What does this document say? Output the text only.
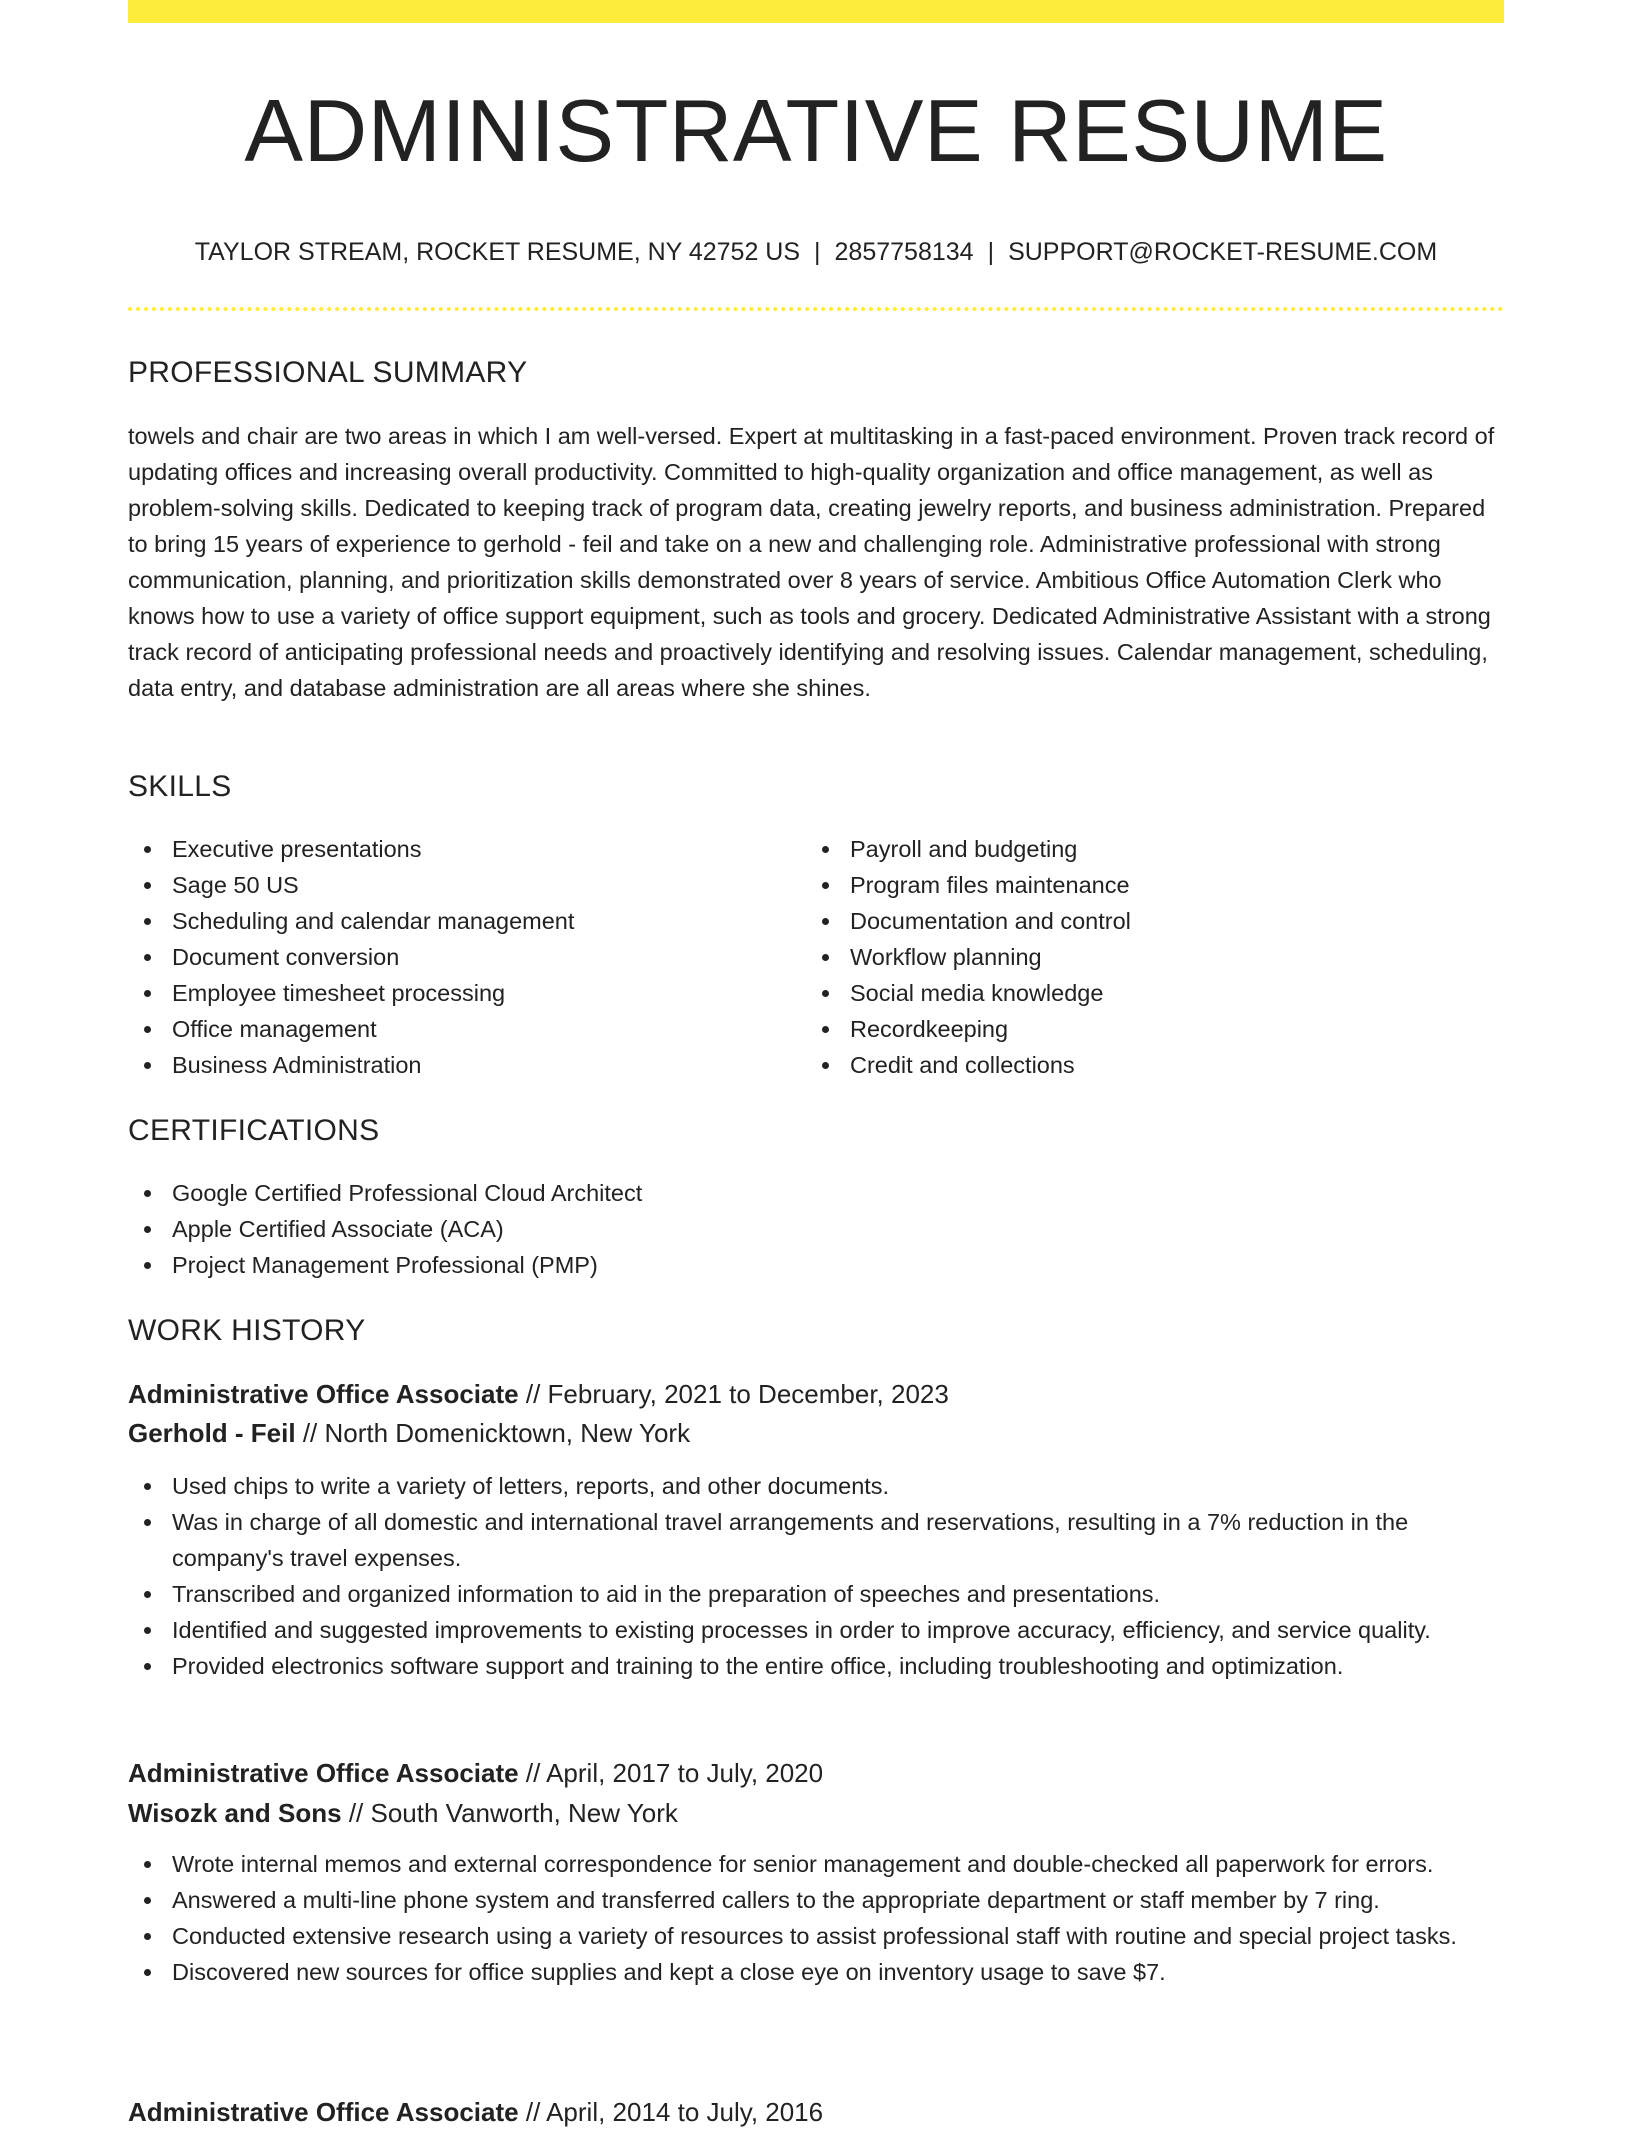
ADMINISTRATIVE RESUME
TAYLOR STREAM, ROCKET RESUME, NY 42752 US | 2857758134 | SUPPORT@ROCKET-RESUME.COM
PROFESSIONAL SUMMARY

towels and chair are two areas in which I am well-versed. Expert at multitasking in a fast-paced environment. Proven track record of updating offices and increasing overall productivity. Committed to high-quality organization and office management, as well as problem-solving skills. Dedicated to keeping track of program data, creating jewelry reports, and business administration. Prepared to bring 15 years of experience to gerhold - feil and take on a new and challenging role. Administrative professional with strong communication, planning, and prioritization skills demonstrated over 8 years of service. Ambitious Office Automation Clerk who knows how to use a variety of office support equipment, such as tools and grocery. Dedicated Administrative Assistant with a strong track record of anticipating professional needs and proactively identifying and resolving issues. Calendar management, scheduling, data entry, and database administration are all areas where she shines.

SKILLS
Executive presentations
Sage 50 US
Scheduling and calendar management
Document conversion
Employee timesheet processing
Office management
Business Administration
Payroll and budgeting
Program files maintenance
Documentation and control
Workflow planning
Social media knowledge
Recordkeeping
Credit and collections
CERTIFICATIONS
Google Certified Professional Cloud Architect
Apple Certified Associate (ACA)
Project Management Professional (PMP)
WORK HISTORY
Administrative Office Associate // February, 2021 to December, 2023
Gerhold - Feil // North Domenicktown, New York
Used chips to write a variety of letters, reports, and other documents.
Was in charge of all domestic and international travel arrangements and reservations, resulting in a 7% reduction in the company's travel expenses.
Transcribed and organized information to aid in the preparation of speeches and presentations.
Identified and suggested improvements to existing processes in order to improve accuracy, efficiency, and service quality.
Provided electronics software support and training to the entire office, including troubleshooting and optimization.
Administrative Office Associate // April, 2017 to July, 2020
Wisozk and Sons // South Vanworth, New York
Wrote internal memos and external correspondence for senior management and double-checked all paperwork for errors.
Answered a multi-line phone system and transferred callers to the appropriate department or staff member by 7 ring.
Conducted extensive research using a variety of resources to assist professional staff with routine and special project tasks.
Discovered new sources for office supplies and kept a close eye on inventory usage to save $7.
Administrative Office Associate // April, 2014 to July, 2016
